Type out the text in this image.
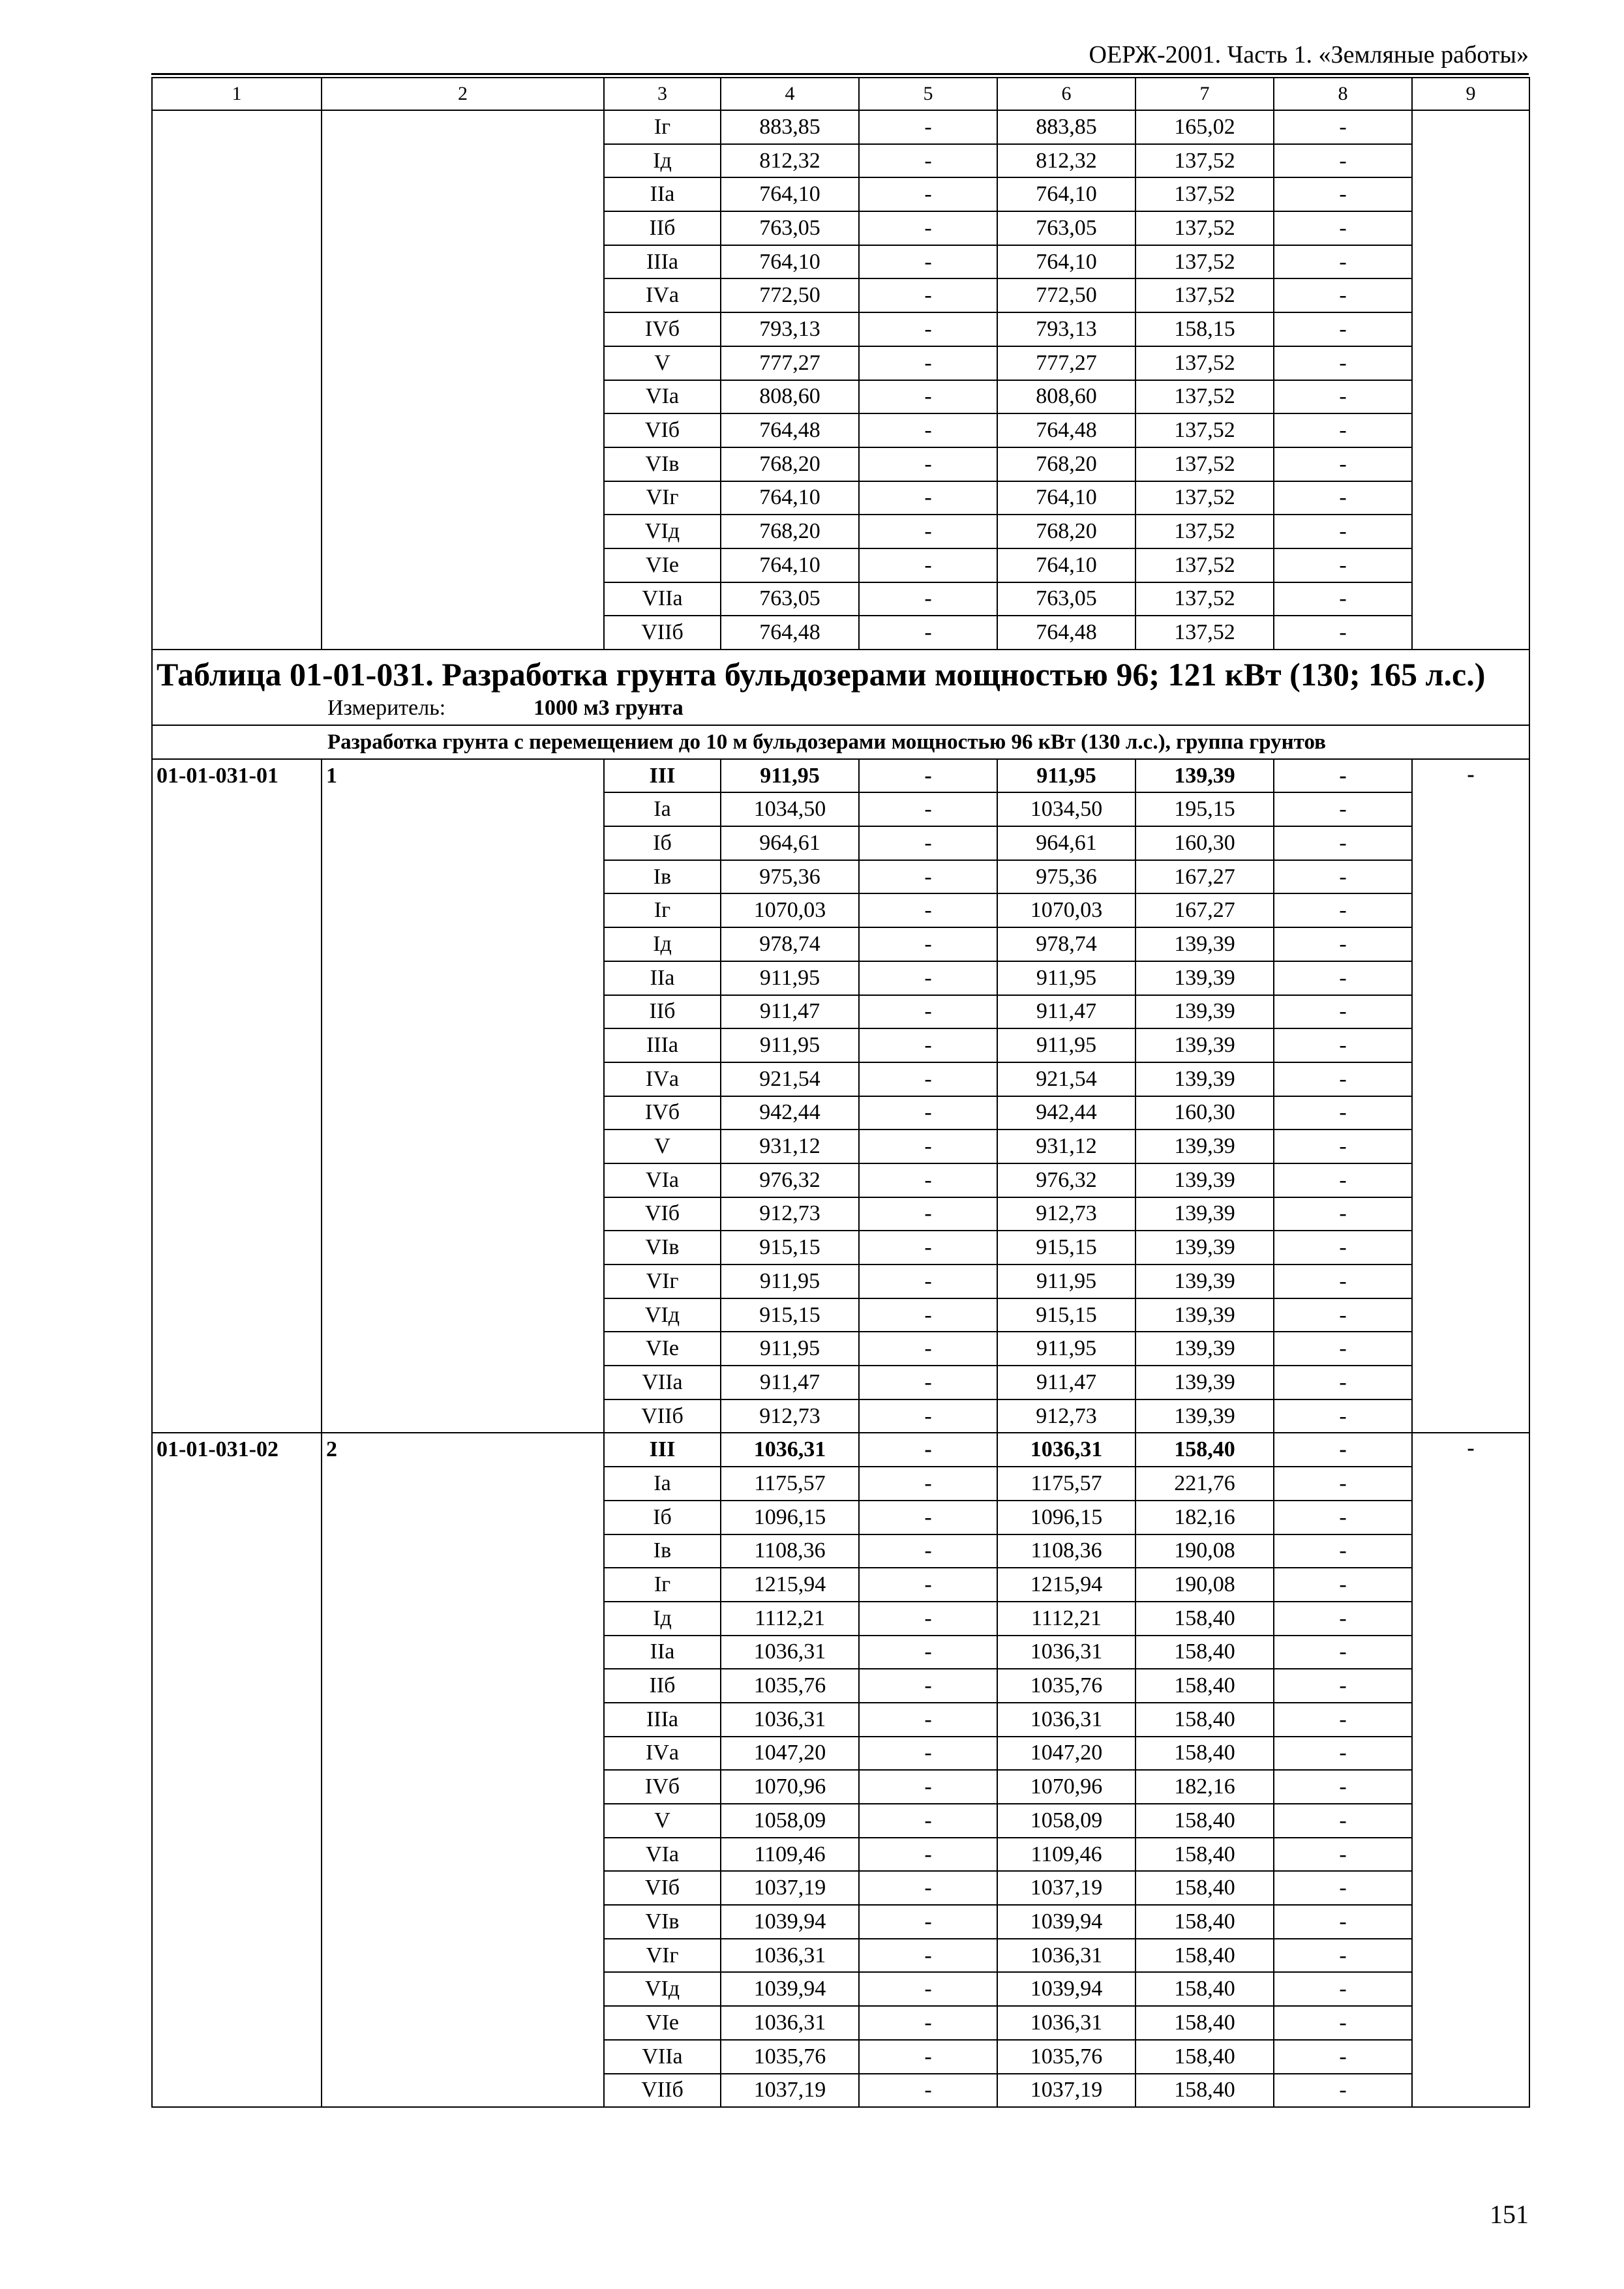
ОЕРЖ-2001. Часть 1. «Земляные работы»
1	2	3	4	5	6	7	8	9
		Iг	883,85	-	883,85	165,02	-	
		Iд	812,32	-	812,32	137,52	-	
		IIа	764,10	-	764,10	137,52	-	
		IIб	763,05	-	763,05	137,52	-	
		IIIа	764,10	-	764,10	137,52	-	
		IVа	772,50	-	772,50	137,52	-	
		IVб	793,13	-	793,13	158,15	-	
		V	777,27	-	777,27	137,52	-	
		VIа	808,60	-	808,60	137,52	-	
		VIб	764,48	-	764,48	137,52	-	
		VIв	768,20	-	768,20	137,52	-	
		VIг	764,10	-	764,10	137,52	-	
		VIд	768,20	-	768,20	137,52	-	
		VIе	764,10	-	764,10	137,52	-	
		VIIа	763,05	-	763,05	137,52	-	
		VIIб	764,48	-	764,48	137,52	-	

Таблица 01-01-031. Разработка грунта бульдозерами мощностью 96; 121 кВт (130; 165 л.с.)
Измеритель: 1000 м3 грунта								

Разработка грунта с перемещением до 10 м бульдозерами мощностью 96 кВт (130 л.с.), группа грунтов								
01-01-031-01	1	III	911,95	-	911,95	139,39	-	-
		Iа	1034,50	-	1034,50	195,15	-	
		Iб	964,61	-	964,61	160,30	-	
		Iв	975,36	-	975,36	167,27	-	
		Iг	1070,03	-	1070,03	167,27	-	
		Iд	978,74	-	978,74	139,39	-	
		IIа	911,95	-	911,95	139,39	-	
		IIб	911,47	-	911,47	139,39	-	
		IIIа	911,95	-	911,95	139,39	-	
		IVа	921,54	-	921,54	139,39	-	
		IVб	942,44	-	942,44	160,30	-	
		V	931,12	-	931,12	139,39	-	
		VIа	976,32	-	976,32	139,39	-	
		VIб	912,73	-	912,73	139,39	-	
		VIв	915,15	-	915,15	139,39	-	
		VIг	911,95	-	911,95	139,39	-	
		VIд	915,15	-	915,15	139,39	-	
		VIе	911,95	-	911,95	139,39	-	
		VIIа	911,47	-	911,47	139,39	-	
		VIIб	912,73	-	912,73	139,39	-	
01-01-031-02	2	III	1036,31	-	1036,31	158,40	-	-
		Iа	1175,57	-	1175,57	221,76	-	
		Iб	1096,15	-	1096,15	182,16	-	
		Iв	1108,36	-	1108,36	190,08	-	
		Iг	1215,94	-	1215,94	190,08	-	
		Iд	1112,21	-	1112,21	158,40	-	
		IIа	1036,31	-	1036,31	158,40	-	
		IIб	1035,76	-	1035,76	158,40	-	
		IIIа	1036,31	-	1036,31	158,40	-	
		IVа	1047,20	-	1047,20	158,40	-	
		IVб	1070,96	-	1070,96	182,16	-	
		V	1058,09	-	1058,09	158,40	-	
		VIа	1109,46	-	1109,46	158,40	-	
		VIб	1037,19	-	1037,19	158,40	-	
		VIв	1039,94	-	1039,94	158,40	-	
		VIг	1036,31	-	1036,31	158,40	-	
		VIд	1039,94	-	1039,94	158,40	-	
		VIе	1036,31	-	1036,31	158,40	-	
		VIIа	1035,76	-	1035,76	158,40	-	
		VIIб	1037,19	-	1037,19	158,40	-	
151
